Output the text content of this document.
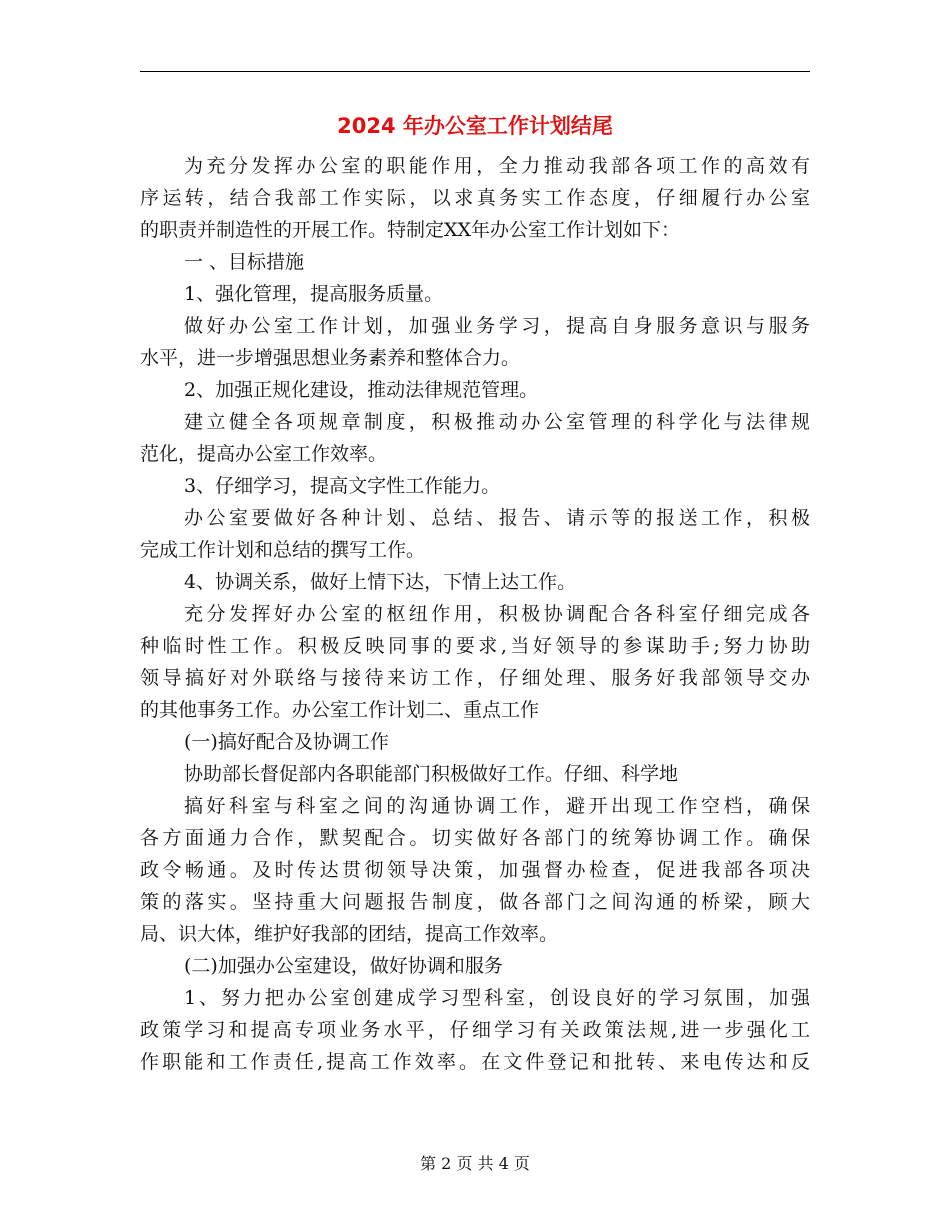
2024 年办公室工作计划结尾
为充分发挥办公室的职能作用，全力推动我部各项工作的高效有
序运转，结合我部工作实际，以求真务实工作态度，仔细履行办公室
的职责并制造性的开展工作。特制定XX年办公室工作计划如下：
一 、目标措施
1、强化管理，提高服务质量。
做好办公室工作计划，加强业务学习，提高自身服务意识与服务
水平，进一步增强思想业务素养和整体合力。
2、加强正规化建设，推动法律规范管理。
建立健全各项规章制度，积极推动办公室管理的科学化与法律规
范化，提高办公室工作效率。
3、仔细学习，提高文字性工作能力。
办公室要做好各种计划、总结、报告、请示等的报送工作，积极
完成工作计划和总结的撰写工作。
4、协调关系，做好上情下达，下情上达工作。
充分发挥好办公室的枢纽作用，积极协调配合各科室仔细完成各
种临时性工作。积极反映同事的要求,当好领导的参谋助手;努力协助
领导搞好对外联络与接待来访工作，仔细处理、服务好我部领导交办
的其他事务工作。办公室工作计划二、重点工作
(一)搞好配合及协调工作
协助部长督促部内各职能部门积极做好工作。仔细、科学地
搞好科室与科室之间的沟通协调工作，避开出现工作空档，确保
各方面通力合作，默契配合。切实做好各部门的统筹协调工作。确保
政令畅通。及时传达贯彻领导决策，加强督办检查，促进我部各项决
策的落实。坚持重大问题报告制度，做各部门之间沟通的桥梁，顾大
局、识大体，维护好我部的团结，提高工作效率。
(二)加强办公室建设，做好协调和服务
1、努力把办公室创建成学习型科室，创设良好的学习氛围，加强
政策学习和提高专项业务水平，仔细学习有关政策法规,进一步强化工
作职能和工作责任,提高工作效率。在文件登记和批转、来电传达和反
第 2 页 共 4 页
